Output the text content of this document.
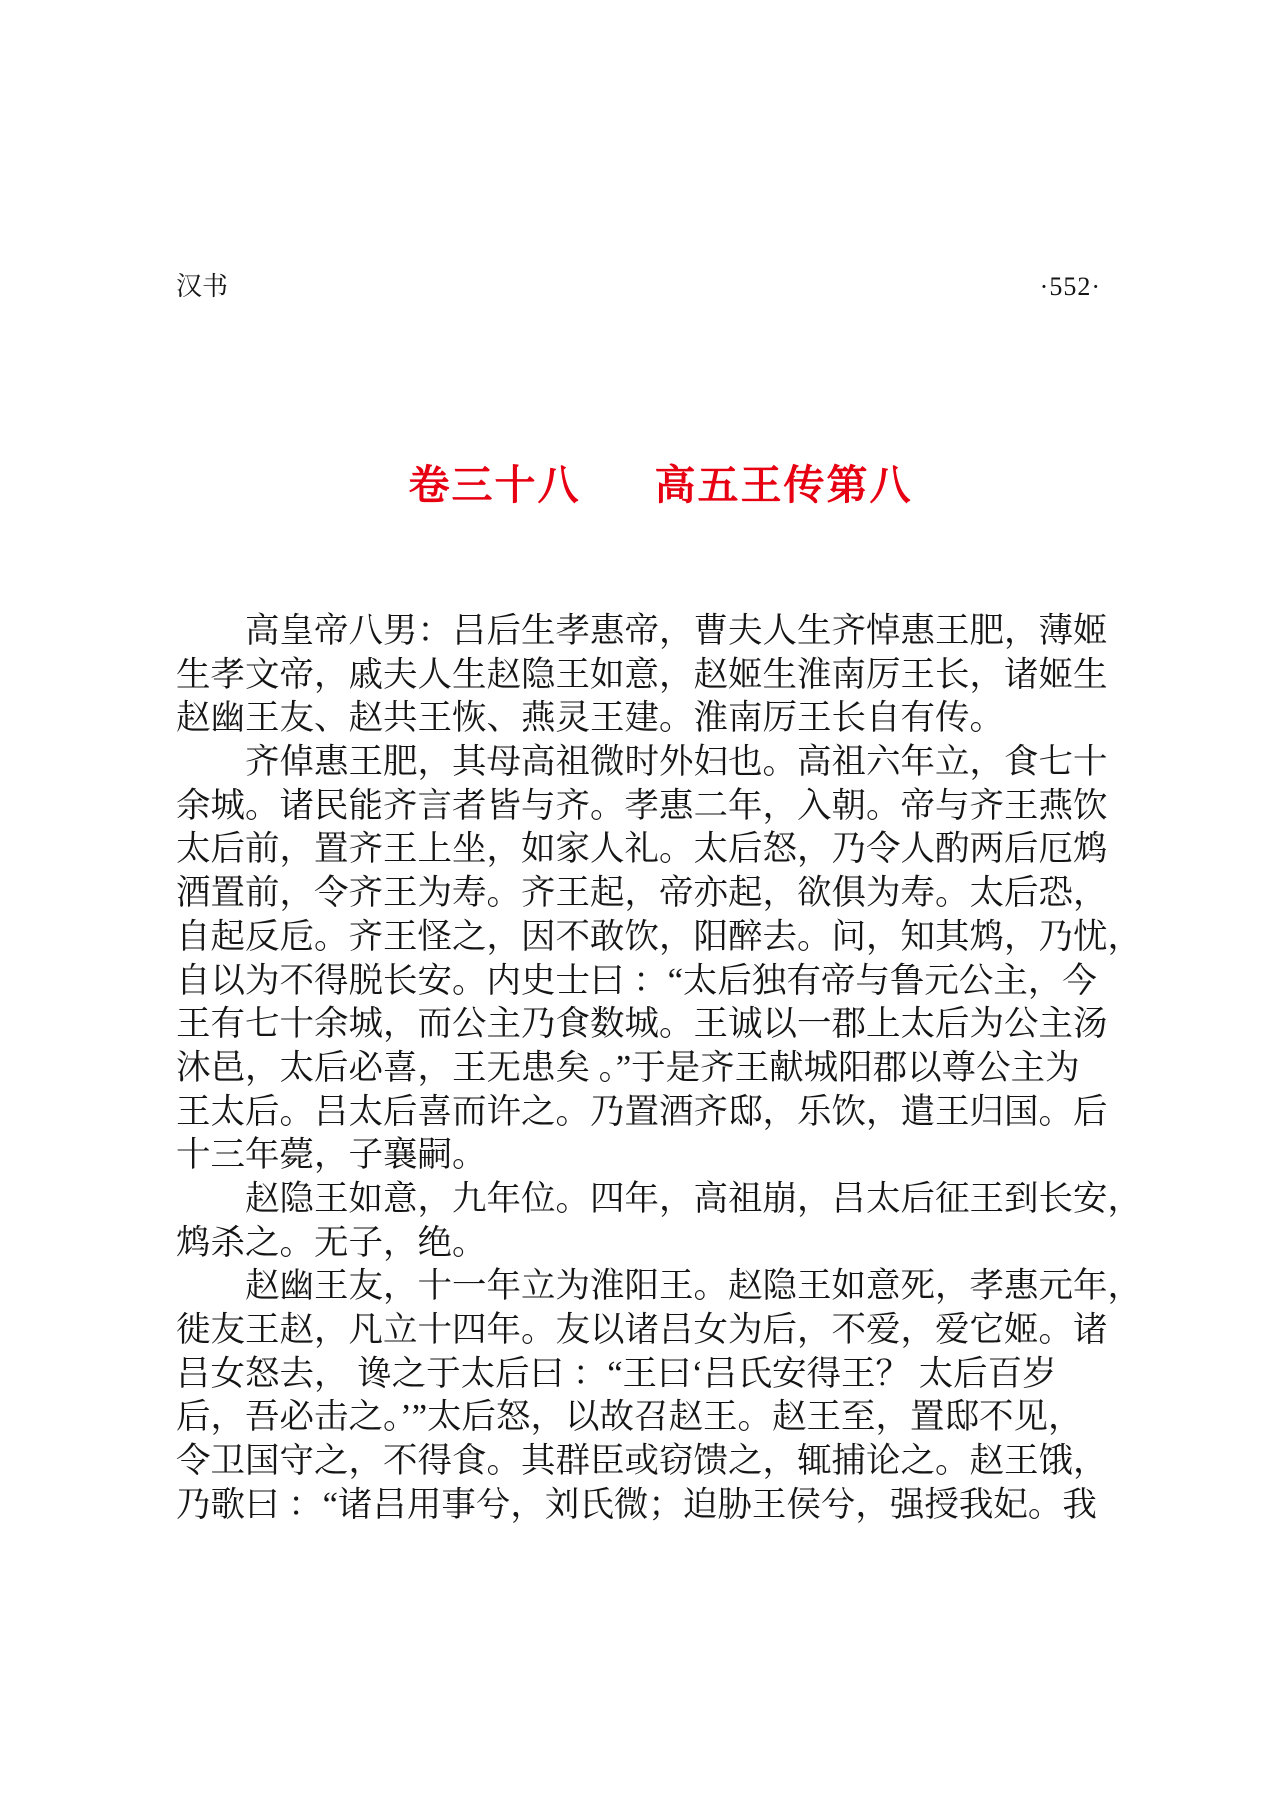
汉书	·552·
卷三十八 高五王传第八
高皇帝八男：吕后生孝惠帝，曹夫人生齐悼惠王肥，薄姬
生孝文帝，戚夫人生赵隐王如意，赵姬生淮南厉王长，诸姬生
赵幽王友、赵共王恢、燕灵王建。淮南厉王长自有传。
齐倬惠王肥，其母高祖微时外妇也。高祖六年立，食七十
余城。诸民能齐言者皆与齐。孝惠二年，入朝。帝与齐王燕饮
太后前，置齐王上坐，如家人礼。太后怒，乃令人酌两后厄鸩
酒置前，令齐王为寿。齐王起，帝亦起，欲俱为寿。太后恐，
自起反卮。齐王怪之，因不敢饮，阳醉去。问，知其鸩，乃忧，
自以为不得脱长安。内史士曰 ：“太后独有帝与鲁元公主，今
王有七十余城，而公主乃食数城。王诚以一郡上太后为公主汤
沐邑，太后必喜，王无患矣 。”于是齐王献城阳郡以尊公主为
王太后。吕太后喜而许之。乃置酒齐邸，乐饮，遣王归国。后
十三年薨，子襄嗣。
赵隐王如意，九年位。四年，高祖崩，吕太后征王到长安，
鸩杀之。无子，绝。
赵幽王友，十一年立为淮阳王。赵隐王如意死，孝惠元年，
徙友王赵，凡立十四年。友以诸吕女为后，不爱，爱它姬。诸
吕女怒去， 谗之于太后曰 ：“王曰‘吕氏安得王？ 太后百岁
后，吾必击之。’”太后怒，以故召赵王。赵王至，置邸不见，
令卫国守之，不得食。其群臣或窃馈之，辄捕论之。赵王饿，
乃歌曰 ：“诸吕用事兮，刘氏微；迫胁王侯兮，强授我妃。我
